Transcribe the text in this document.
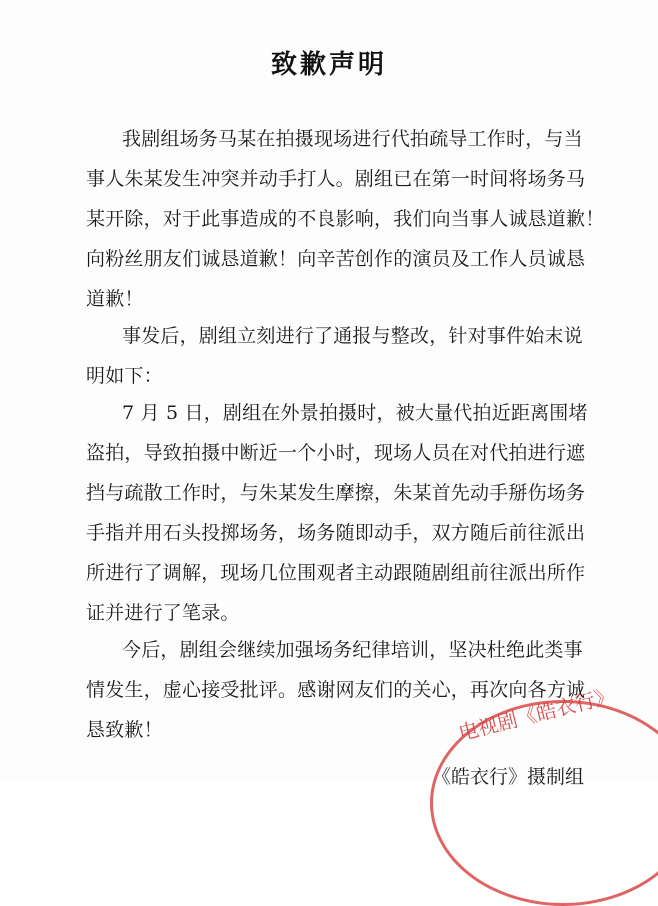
致歉声明
我剧组场务马某在拍摄现场进行代拍疏导工作时，与当
事人朱某发生冲突并动手打人。剧组已在第一时间将场务马
某开除，对于此事造成的不良影响，我们向当事人诚恳道歉！
向粉丝朋友们诚恳道歉！向辛苦创作的演员及工作人员诚恳
道歉！
事发后，剧组立刻进行了通报与整改，针对事件始末说
明如下：
7 月 5 日，剧组在外景拍摄时，被大量代拍近距离围堵
盗拍，导致拍摄中断近一个小时，现场人员在对代拍进行遮
挡与疏散工作时，与朱某发生摩擦，朱某首先动手掰伤场务
手指并用石头投掷场务，场务随即动手，双方随后前往派出
所进行了调解，现场几位围观者主动跟随剧组前往派出所作
证并进行了笔录。
今后，剧组会继续加强场务纪律培训，坚决杜绝此类事
情发生，虚心接受批评。感谢网友们的关心，再次向各方诚
恳致歉！	电视剧《皓衣行》
《皓衣行》摄制组
